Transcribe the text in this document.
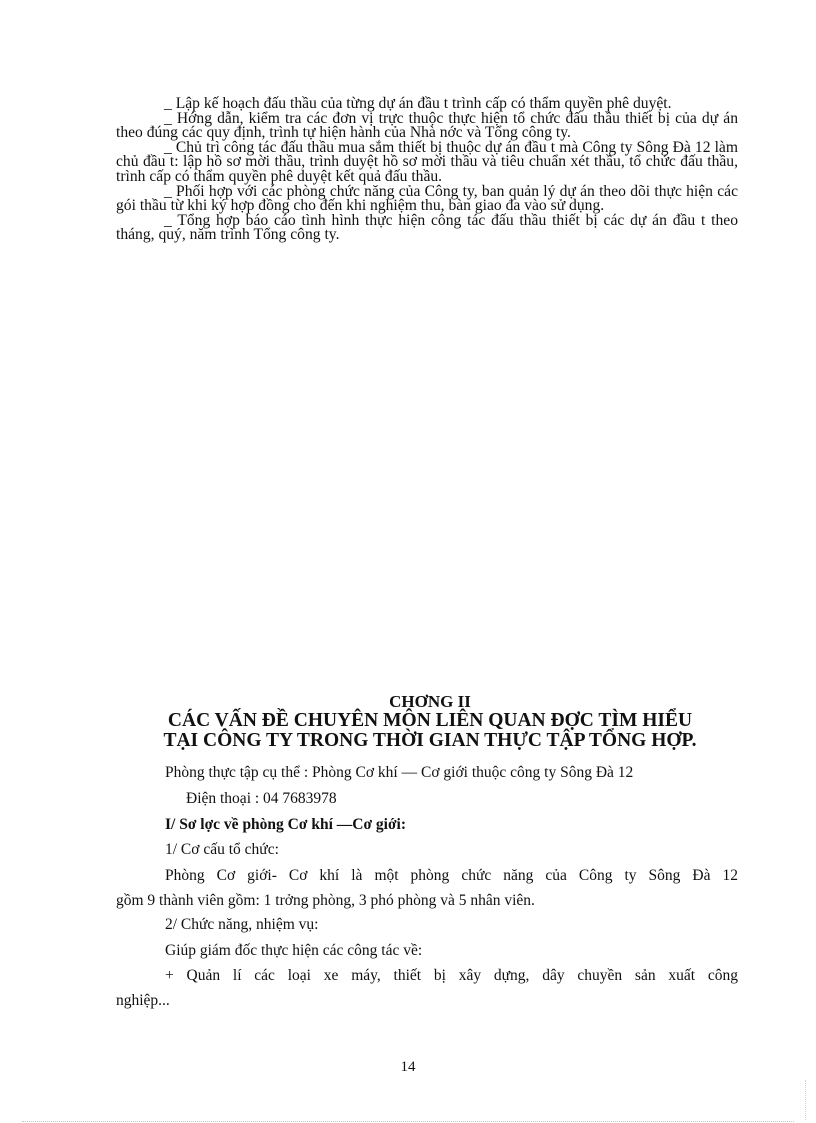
_ Lập kế hoạch đấu thầu của từng dự án đầu t trình cấp có thẩm quyền phê duyệt.

_ Hớng dẫn, kiểm tra các đơn vị trực thuộc thực hiện tổ chức đấu thầu thiết bị của dự án theo đúng các quy định, trình tự hiện hành của Nhà nớc và Tổng công ty.

_ Chủ trì công tác đấu thầu mua sắm thiết bị thuộc dự án đầu t mà Công ty Sông Đà 12 làm chủ đầu t: lập hồ sơ mời thầu, trình duyệt hồ sơ mời thầu và tiêu chuẩn xét thầu, tổ chức đấu thầu, trình cấp có thẩm quyền phê duyệt kết quả đấu thầu.

_ Phối hợp với các phòng chức năng của Công ty, ban quản lý dự án theo dõi thực hiện các gói thầu từ khi ký hợp đồng cho đến khi nghiệm thu, bàn giao đa vào sử dụng.

_ Tổng hợp báo cáo tình hình thực hiện công tác đấu thầu thiết bị các dự án đầu t theo tháng, quý, năm trình Tổng công ty.

CHƠNG II
CÁC VẤN ĐỀ CHUYÊN MÔN LIÊN QUAN ĐỢC TÌM HIỂU
TẠI CÔNG TY TRONG THỜI GIAN THỰC TẬP TỔNG HỢP.
Phòng thực tập cụ thể : Phòng Cơ khí — Cơ giới thuộc công ty Sông Đà 12
Điện thoại : 04 7683978
I/ Sơ lợc về phòng Cơ khí —Cơ giới:
1/ Cơ cấu tổ chức:
Phòng Cơ giới- Cơ khí là một phòng chức năng của Công ty Sông Đà 12
gồm 9 thành viên gồm: 1 trởng phòng, 3 phó phòng và 5 nhân viên.
2/ Chức năng, nhiệm vụ:
Giúp giám đốc thực hiện các công tác về:
+ Quản lí các loại xe máy, thiết bị xây dựng, dây chuyền sản xuất công
nghiệp...
14
